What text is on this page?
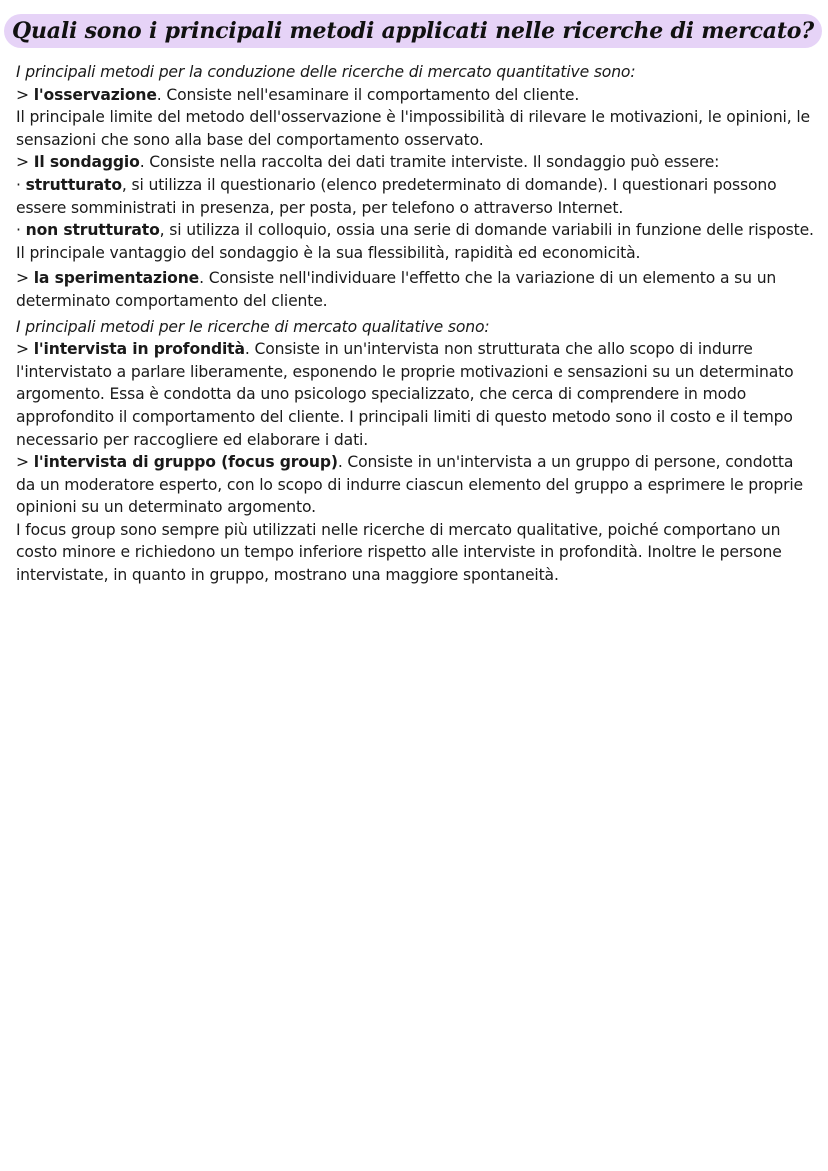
Quali sono i principali metodi applicati nelle ricerche di mercato?

I principali metodi per la conduzione delle ricerche di mercato quantitative sono:

> l'osservazione. Consiste nell'esaminare il comportamento del cliente.

Il principale limite del metodo dell'osservazione è l'impossibilità di rilevare le motivazioni, le opinioni, le sensazioni che sono alla base del comportamento osservato.

> Il sondaggio. Consiste nella raccolta dei dati tramite interviste. Il sondaggio può essere:

· strutturato, si utilizza il questionario (elenco predeterminato di domande). I questionari possono essere somministrati in presenza, per posta, per telefono o attraverso Internet.

· non strutturato, si utilizza il colloquio, ossia una serie di domande variabili in funzione delle risposte.

Il principale vantaggio del sondaggio è la sua flessibilità, rapidità ed economicità.

> la sperimentazione. Consiste nell'individuare l'effetto che la variazione di un elemento a su un determinato comportamento del cliente.

I principali metodi per le ricerche di mercato qualitative sono:

> l'intervista in profondità. Consiste in un'intervista non strutturata che allo scopo di indurre l'intervistato a parlare liberamente, esponendo le proprie motivazioni e sensazioni su un determinato argomento. Essa è condotta da uno psicologo specializzato, che cerca di comprendere in modo approfondito il comportamento del cliente. I principali limiti di questo metodo sono il costo e il tempo necessario per raccogliere ed elaborare i dati.

> l'intervista di gruppo (focus group). Consiste in un'intervista a un gruppo di persone, condotta da un moderatore esperto, con lo scopo di indurre ciascun elemento del gruppo a esprimere le proprie opinioni su un determinato argomento.

I focus group sono sempre più utilizzati nelle ricerche di mercato qualitative, poiché comportano un costo minore e richiedono un tempo inferiore rispetto alle interviste in profondità. Inoltre le persone intervistate, in quanto in gruppo, mostrano una maggiore spontaneità.
